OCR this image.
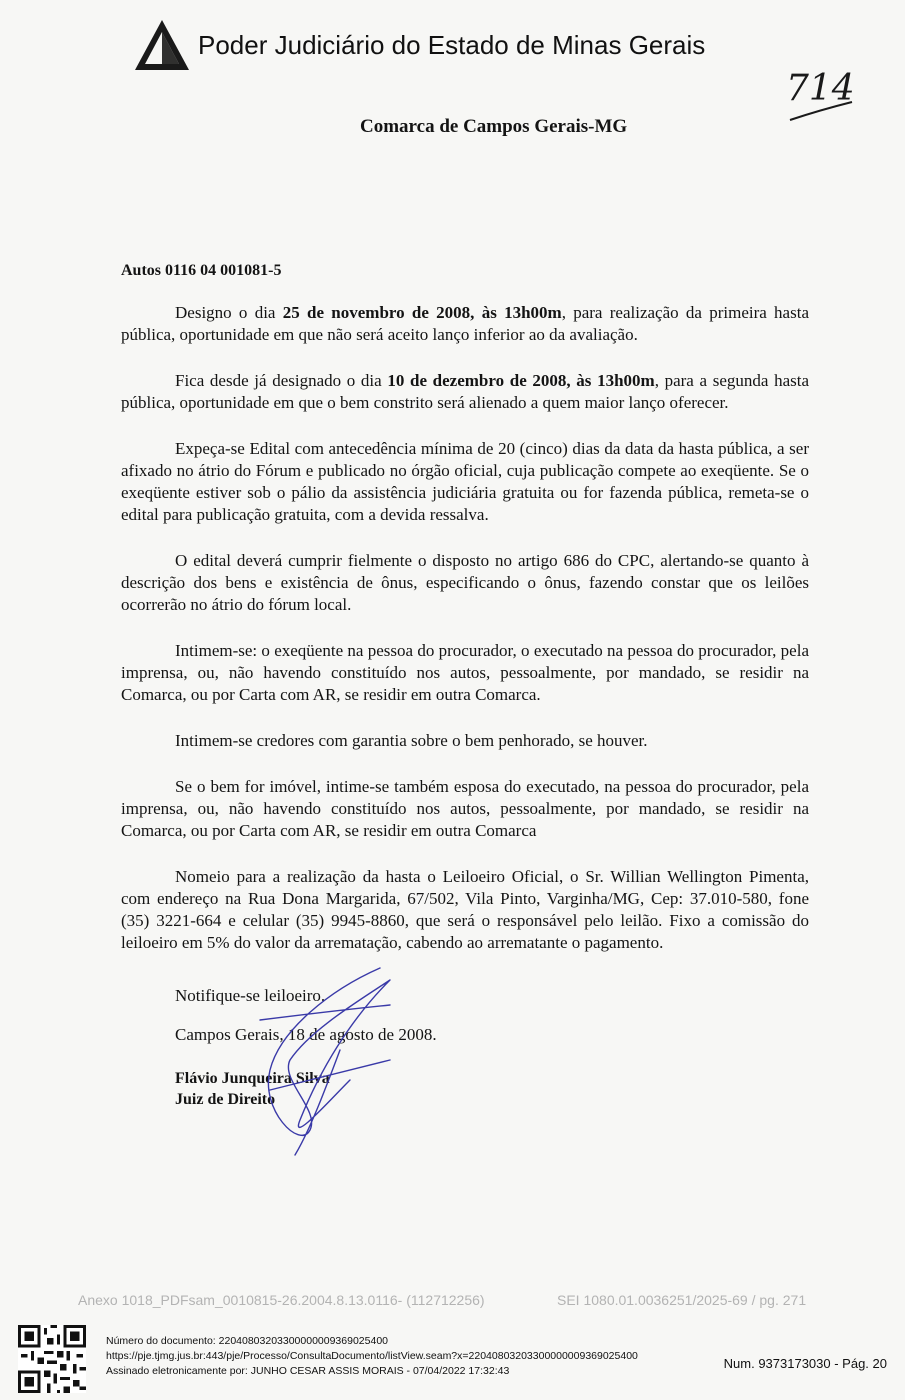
Poder Judiciário do Estado de Minas Gerais
714
Comarca de Campos Gerais-MG
Autos 0116 04 001081-5

Designo o dia 25 de novembro de 2008, às 13h00m, para realização da primeira hasta pública, oportunidade em que não será aceito lanço inferior ao da avaliação.

Fica desde já designado o dia 10 de dezembro de 2008, às 13h00m, para a segunda hasta pública, oportunidade em que o bem constrito será alienado a quem maior lanço oferecer.

Expeça-se Edital com antecedência mínima de 20 (cinco) dias da data da hasta pública, a ser afixado no átrio do Fórum e publicado no órgão oficial, cuja publicação compete ao exeqüente. Se o exeqüente estiver sob o pálio da assistência judiciária gratuita ou for fazenda pública, remeta-se o edital para publicação gratuita, com a devida ressalva.

O edital deverá cumprir fielmente o disposto no artigo 686 do CPC, alertando-se quanto à descrição dos bens e existência de ônus, especificando o ônus, fazendo constar que os leilões ocorrerão no átrio do fórum local.

Intimem-se: o exeqüente na pessoa do procurador, o executado na pessoa do procurador, pela imprensa, ou, não havendo constituído nos autos, pessoalmente, por mandado, se residir na Comarca, ou por Carta com AR, se residir em outra Comarca.

Intimem-se credores com garantia sobre o bem penhorado, se houver.

Se o bem for imóvel, intime-se também esposa do executado, na pessoa do procurador, pela imprensa, ou, não havendo constituído nos autos, pessoalmente, por mandado, se residir na Comarca, ou por Carta com AR, se residir em outra Comarca

Nomeio para a realização da hasta o Leiloeiro Oficial, o Sr. Willian Wellington Pimenta, com endereço na Rua Dona Margarida, 67/502, Vila Pinto, Varginha/MG, Cep: 37.010-580, fone (35) 3221-664 e celular (35) 9945-8860, que será o responsável pelo leilão. Fixo a comissão do leiloeiro em 5% do valor da arrematação, cabendo ao arrematante o pagamento.

Notifique-se leiloeiro.
Campos Gerais, 18 de agosto de 2008.
Flávio Junqueira Silva
Juiz de Direito
Anexo 1018_PDFsam_0010815-26.2004.8.13.0116- (112712256)	SEI 1080.01.0036251/2025-69 / pg. 271
Número do documento: 22040803203300000009369025400
https://pje.tjmg.jus.br:443/pje/Processo/ConsultaDocumento/listView.seam?x=22040803203300000009369025400
Assinado eletronicamente por: JUNHO CESAR ASSIS MORAIS - 07/04/2022 17:32:43	Num. 9373173030 - Pág. 20
